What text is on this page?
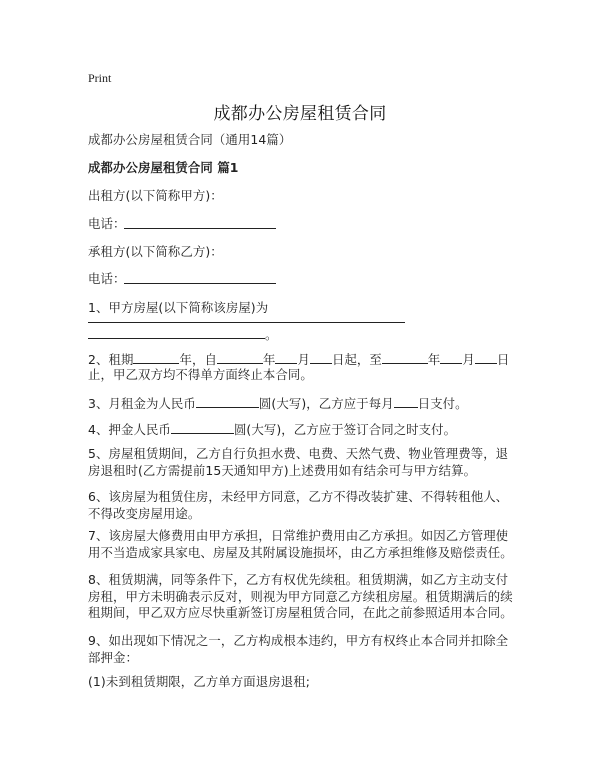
Print
成都办公房屋租赁合同
成都办公房屋租赁合同（通用14篇）
成都办公房屋租赁合同 篇1
出租方(以下简称甲方)：
电话：
承租方(以下简称乙方)：
电话：
1、甲方房屋(以下简称该房屋)为
。
2、租期	年，自	年 月 日起，至	年 月 日
止，甲乙双方均不得单方面终止本合同。
3、月租金为人民币	圆(大写)，乙方应于每月 日支付。
4、押金人民币	圆(大写)，乙方应于签订合同之时支付。
5、房屋租赁期间，乙方自行负担水费、电费、天然气费、物业管理费等，退房退租时(乙方需提前15天通知甲方)上述费用如有结余可与甲方结算。
6、该房屋为租赁住房，未经甲方同意，乙方不得改装扩建、不得转租他人、不得改变房屋用途。
7、该房屋大修费用由甲方承担，日常维护费用由乙方承担。如因乙方管理使用不当造成家具家电、房屋及其附属设施损坏，由乙方承担维修及赔偿责任。
8、租赁期满，同等条件下，乙方有权优先续租。租赁期满，如乙方主动支付房租，甲方未明确表示反对，则视为甲方同意乙方续租房屋。租赁期满后的续租期间，甲乙双方应尽快重新签订房屋租赁合同，在此之前参照适用本合同。
9、如出现如下情况之一，乙方构成根本违约，甲方有权终止本合同并扣除全部押金：
(1)未到租赁期限，乙方单方面退房退租;
